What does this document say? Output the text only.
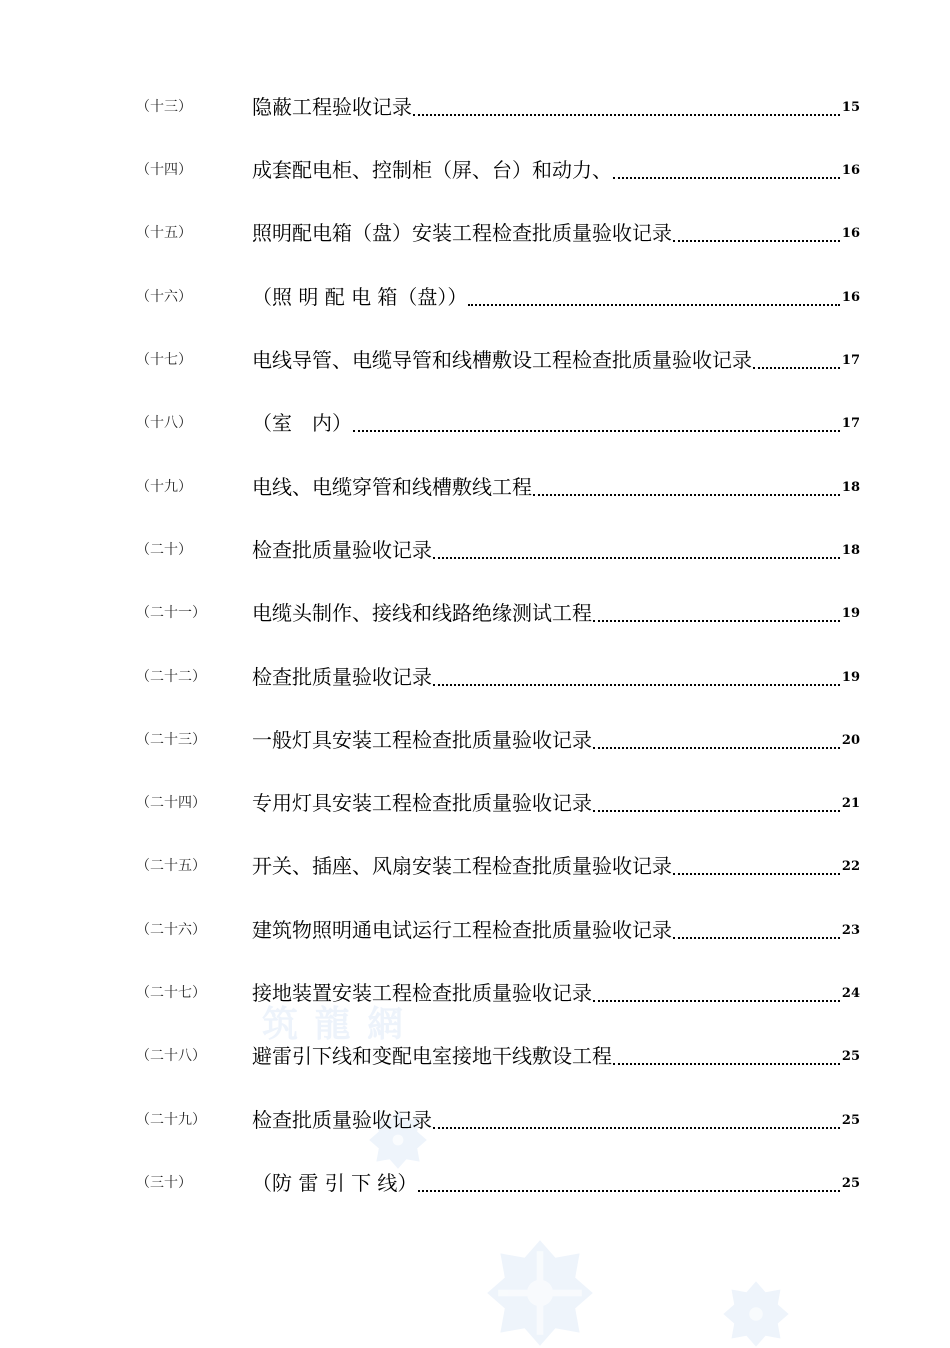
筑 龍 網
（十三）	隐蔽工程验收记录	15
（十四）	成套配电柜、控制柜（屏、台）和动力、	16
（十五）	照明配电箱（盘）安装工程检查批质量验收记录	16
（十六）	（照 明 配 电 箱（盘））	16
（十七）	电线导管、电缆导管和线槽敷设工程检查批质量验收记录	17
（十八）	（室　内）	17
（十九）	电线、电缆穿管和线槽敷线工程	18
（二十）	检查批质量验收记录	18
（二十一）	电缆头制作、接线和线路绝缘测试工程	19
（二十二）	检查批质量验收记录	19
（二十三）	一般灯具安装工程检查批质量验收记录	20
（二十四）	专用灯具安装工程检查批质量验收记录	21
（二十五）	开关、插座、风扇安装工程检查批质量验收记录	22
（二十六）	建筑物照明通电试运行工程检查批质量验收记录	23
（二十七）	接地装置安装工程检查批质量验收记录	24
（二十八）	避雷引下线和变配电室接地干线敷设工程	25
（二十九）	检查批质量验收记录	25
（三十）	（防 雷 引 下 线）	25
